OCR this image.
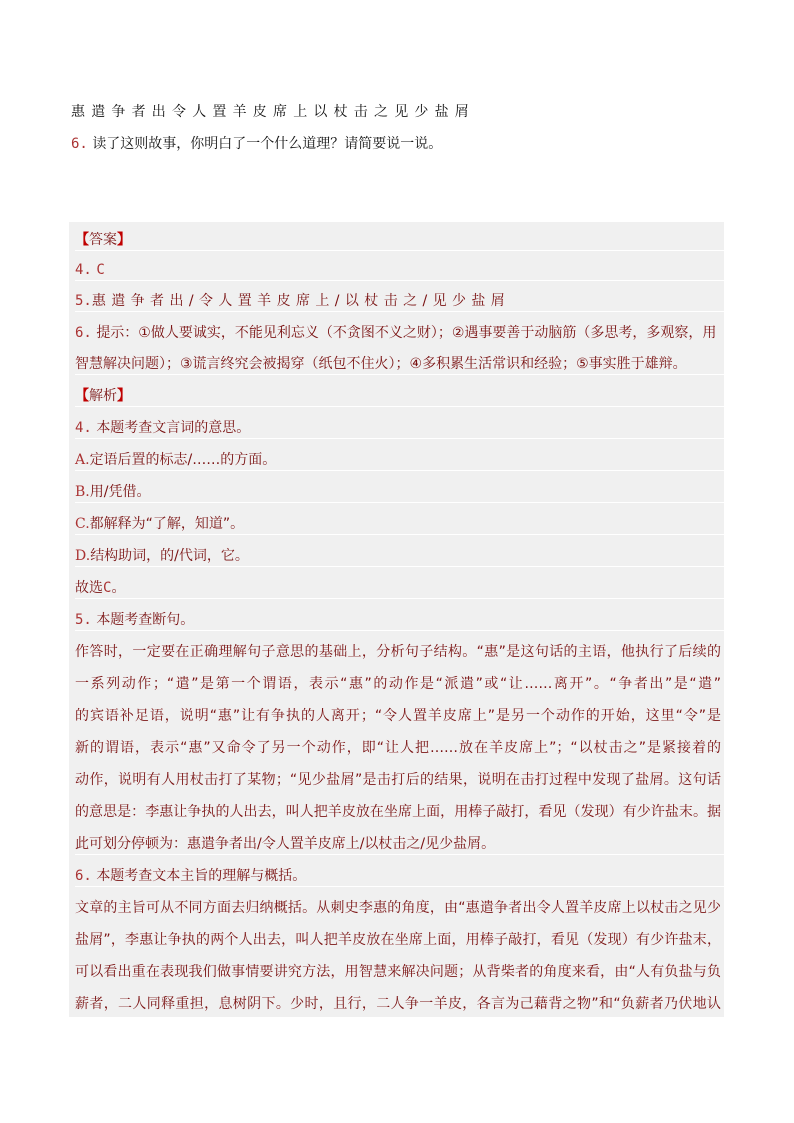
惠遣争者出令人置羊皮席上以杖击之见少盐屑
6. 读了这则故事，你明白了一个什么道理？请简要说一说。
【答案】
4. C
5.惠遣争者出/令人置羊皮席上/以杖击之/见少盐屑
6. 提示：①做人要诚实，不能见利忘义（不贪图不义之财）；②遇事要善于动脑筋（多思考，多观察，用
智慧解决问题）；③谎言终究会被揭穿（纸包不住火）；④多积累生活常识和经验；⑤事实胜于雄辩。
【解析】
4. 本题考查文言词的意思。
A.定语后置的标志/……的方面。
B.用/凭借。
C.都解释为“了解，知道”。
D.结构助词，的/代词，它。
故选C。
5. 本题考查断句。
作答时，一定要在正确理解句子意思的基础上，分析句子结构。“惠”是这句话的主语，他执行了后续的
一系列动作；“遣”是第一个谓语，表示“惠”的动作是“派遣”或“让……离开”。“争者出”是“遣”
的宾语补足语，说明“惠”让有争执的人离开；“令人置羊皮席上”是另一个动作的开始，这里“令”是
新的谓语，表示“惠”又命令了另一个动作，即“让人把……放在羊皮席上”；“以杖击之”是紧接着的
动作，说明有人用杖击打了某物；“见少盐屑”是击打后的结果，说明在击打过程中发现了盐屑。这句话
的意思是：李惠让争执的人出去，叫人把羊皮放在坐席上面，用棒子敲打，看见（发现）有少许盐末。据
此可划分停顿为：惠遣争者出/令人置羊皮席上/以杖击之/见少盐屑。
6. 本题考查文本主旨的理解与概括。
文章的主旨可从不同方面去归纳概括。从刺史李惠的角度，由“惠遣争者出令人置羊皮席上以杖击之见少
盐屑”，李惠让争执的两个人出去，叫人把羊皮放在坐席上面，用棒子敲打，看见（发现）有少许盐末，
可以看出重在表现我们做事情要讲究方法，用智慧来解决问题；从背柴者的角度来看，由“人有负盐与负
薪者，二人同释重担，息树阴下。少时，且行，二人争一羊皮，各言为己藉背之物”和“负薪者乃伏地认
